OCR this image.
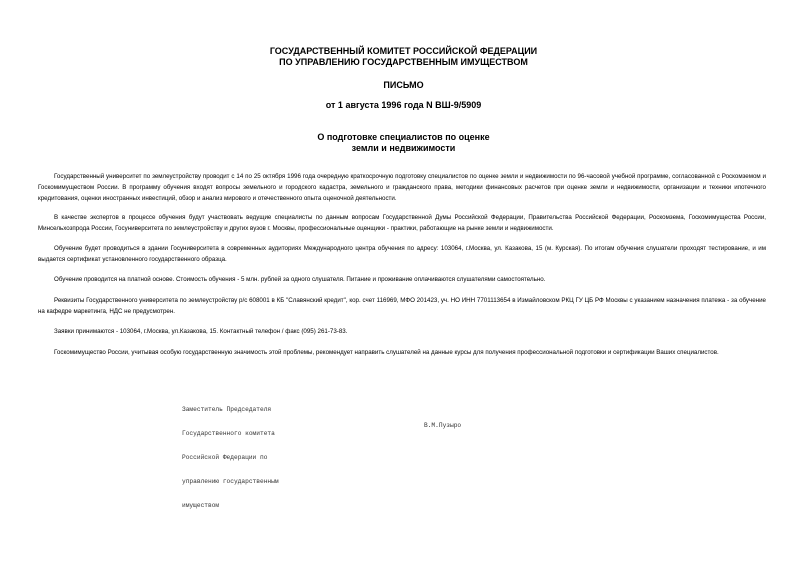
ГОСУДАРСТВЕННЫЙ КОМИТЕТ РОССИЙСКОЙ ФЕДЕРАЦИИ
ПО УПРАВЛЕНИЮ ГОСУДАРСТВЕННЫМ ИМУЩЕСТВОМ
ПИСЬМО
от 1 августа 1996 года N ВШ-9/5909
О подготовке специалистов по оценке
земли и недвижимости

Государственный университет по землеустройству проводит с 14 по 25 октября 1996 года очередную краткосрочную подготовку специалистов по оценке земли и недвижимости по 96-часовой учебной программе, согласованной с Роскомземом и Госкомимуществом России. В программу обучения входят вопросы земельного и городского кадастра, земельного и гражданского права, методики финансовых расчетов при оценке земли и недвижимости, организации и техники ипотечного кредитования, оценки иностранных инвестиций, обзор и анализ мирового и отечественного опыта оценочной деятельности.

В качестве экспертов в процессе обучения будут участвовать ведущие специалисты по данным вопросам Государственной Думы Российской Федерации, Правительства Российской Федерации, Роскомзема, Госкомимущества России, Минсельхозпрода России, Госуниверситета по землеустройству и других вузов г. Москвы, профессиональные оценщики - практики, работающие на рынке земли и недвижимости.

Обучение будет проводиться в здании Госуниверситета в современных аудиториях Международного центра обучения по адресу: 103064, г.Москва, ул. Казакова, 15 (м. Курская). По итогам обучения слушатели проходят тестирование, и им выдается сертификат установленного государственного образца.

Обучение проводится на платной основе. Стоимость обучения - 5 млн. рублей за одного слушателя. Питание и проживание оплачиваются слушателями самостоятельно.

Реквизиты Государственного университета по землеустройству р/с 608001 в КБ "Славянский кредит", кор. счет 116969, МФО 201423, уч. НО ИНН 7701113654 в Измайловском РКЦ ГУ ЦБ РФ Москвы с указанием назначения платежа - за обучение на кафедре маркетинга, НДС не предусмотрен.

Заявки принимаются - 103064, г.Москва, ул.Казакова, 15. Контактный телефон / факс (095) 261-73-83.

Госкомимущество России, учитывая особую государственную значимость этой проблемы, рекомендует направить слушателей на данные курсы для получения профессиональной подготовки и сертификации Ваших специалистов.

Заместитель Председателя

Государственного комитета

Российской Федерации по

управлению государственным

имуществом

В.М.Пузыро
